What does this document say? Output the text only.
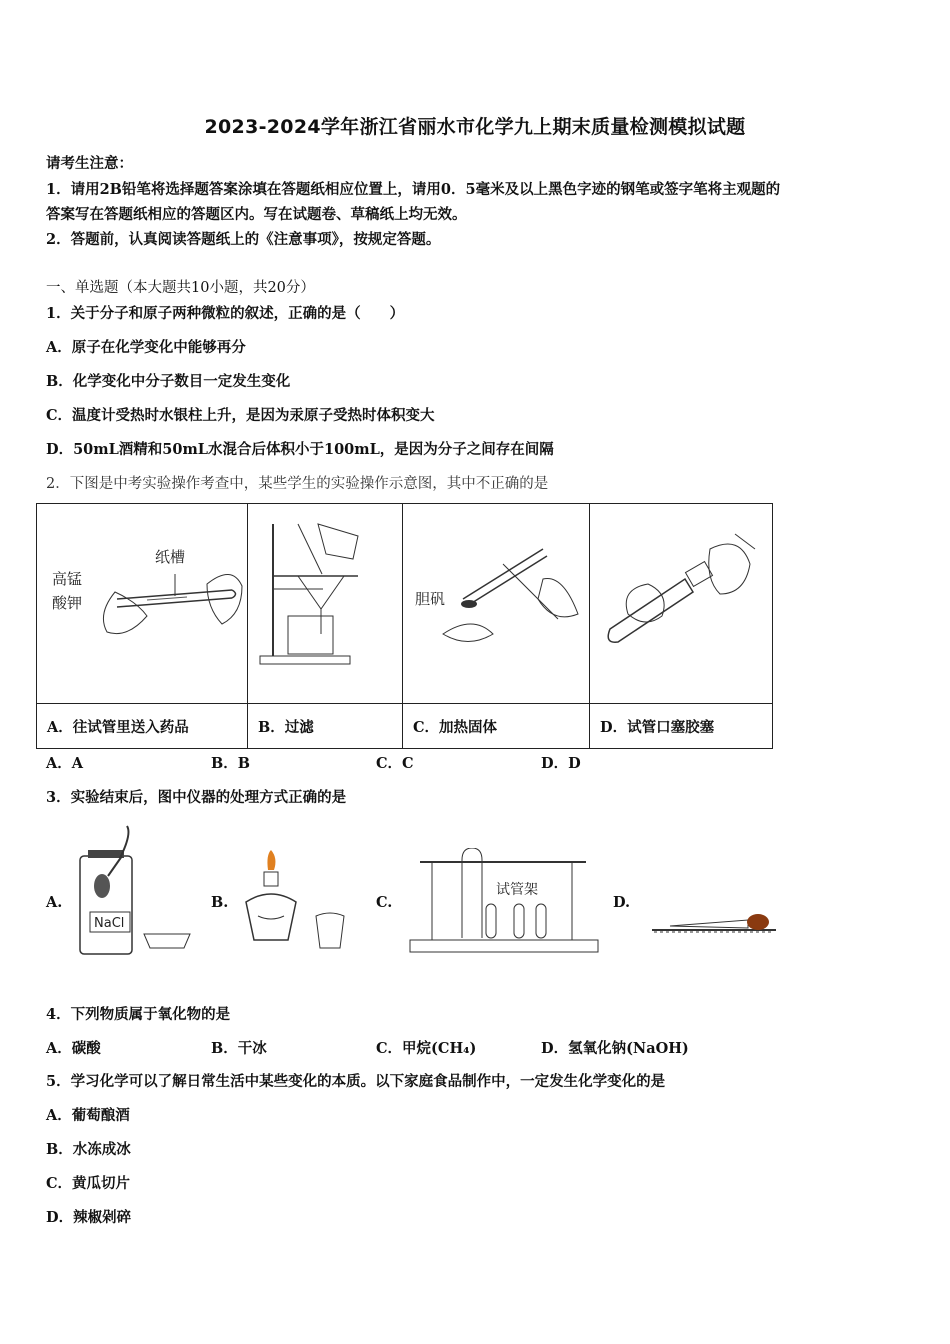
2023-2024学年浙江省丽水市化学九上期末质量检测模拟试题
请考生注意：
1．请用2B铅笔将选择题答案涂填在答题纸相应位置上，请用0．5毫米及以上黑色字迹的钢笔或签字笔将主观题的
答案写在答题纸相应的答题区内。写在试题卷、草稿纸上均无效。
2．答题前，认真阅读答题纸上的《注意事项》，按规定答题。
一、单选题（本大题共10小题，共20分）
1．关于分子和原子两种微粒的叙述，正确的是（　　）
A．原子在化学变化中能够再分
B．化学变化中分子数目一定发生变化
C．温度计受热时水银柱上升，是因为汞原子受热时体积变大
D．50mL酒精和50mL水混合后体积小于100mL，是因为分子之间存在间隔
2．下图是中考实验操作考查中，某些学生的实验操作示意图，其中不正确的是
纸槽
高锰
酸钾		胆矾

A．往试管里送入药品	B．过滤	C．加热固体	D．试管口塞胶塞
A．A	B．B	C．C	D．D
3．实验结束后，图中仪器的处理方式正确的是
A.
NaCl
B.	C.
试管架
D.
4．下列物质属于氧化物的是
A．碳酸	B．干冰	C．甲烷(CH₄)	D．氢氧化钠(NaOH)
5．学习化学可以了解日常生活中某些变化的本质。以下家庭食品制作中，一定发生化学变化的是
A．葡萄酿酒
B．水冻成冰
C．黄瓜切片
D．辣椒剁碎
